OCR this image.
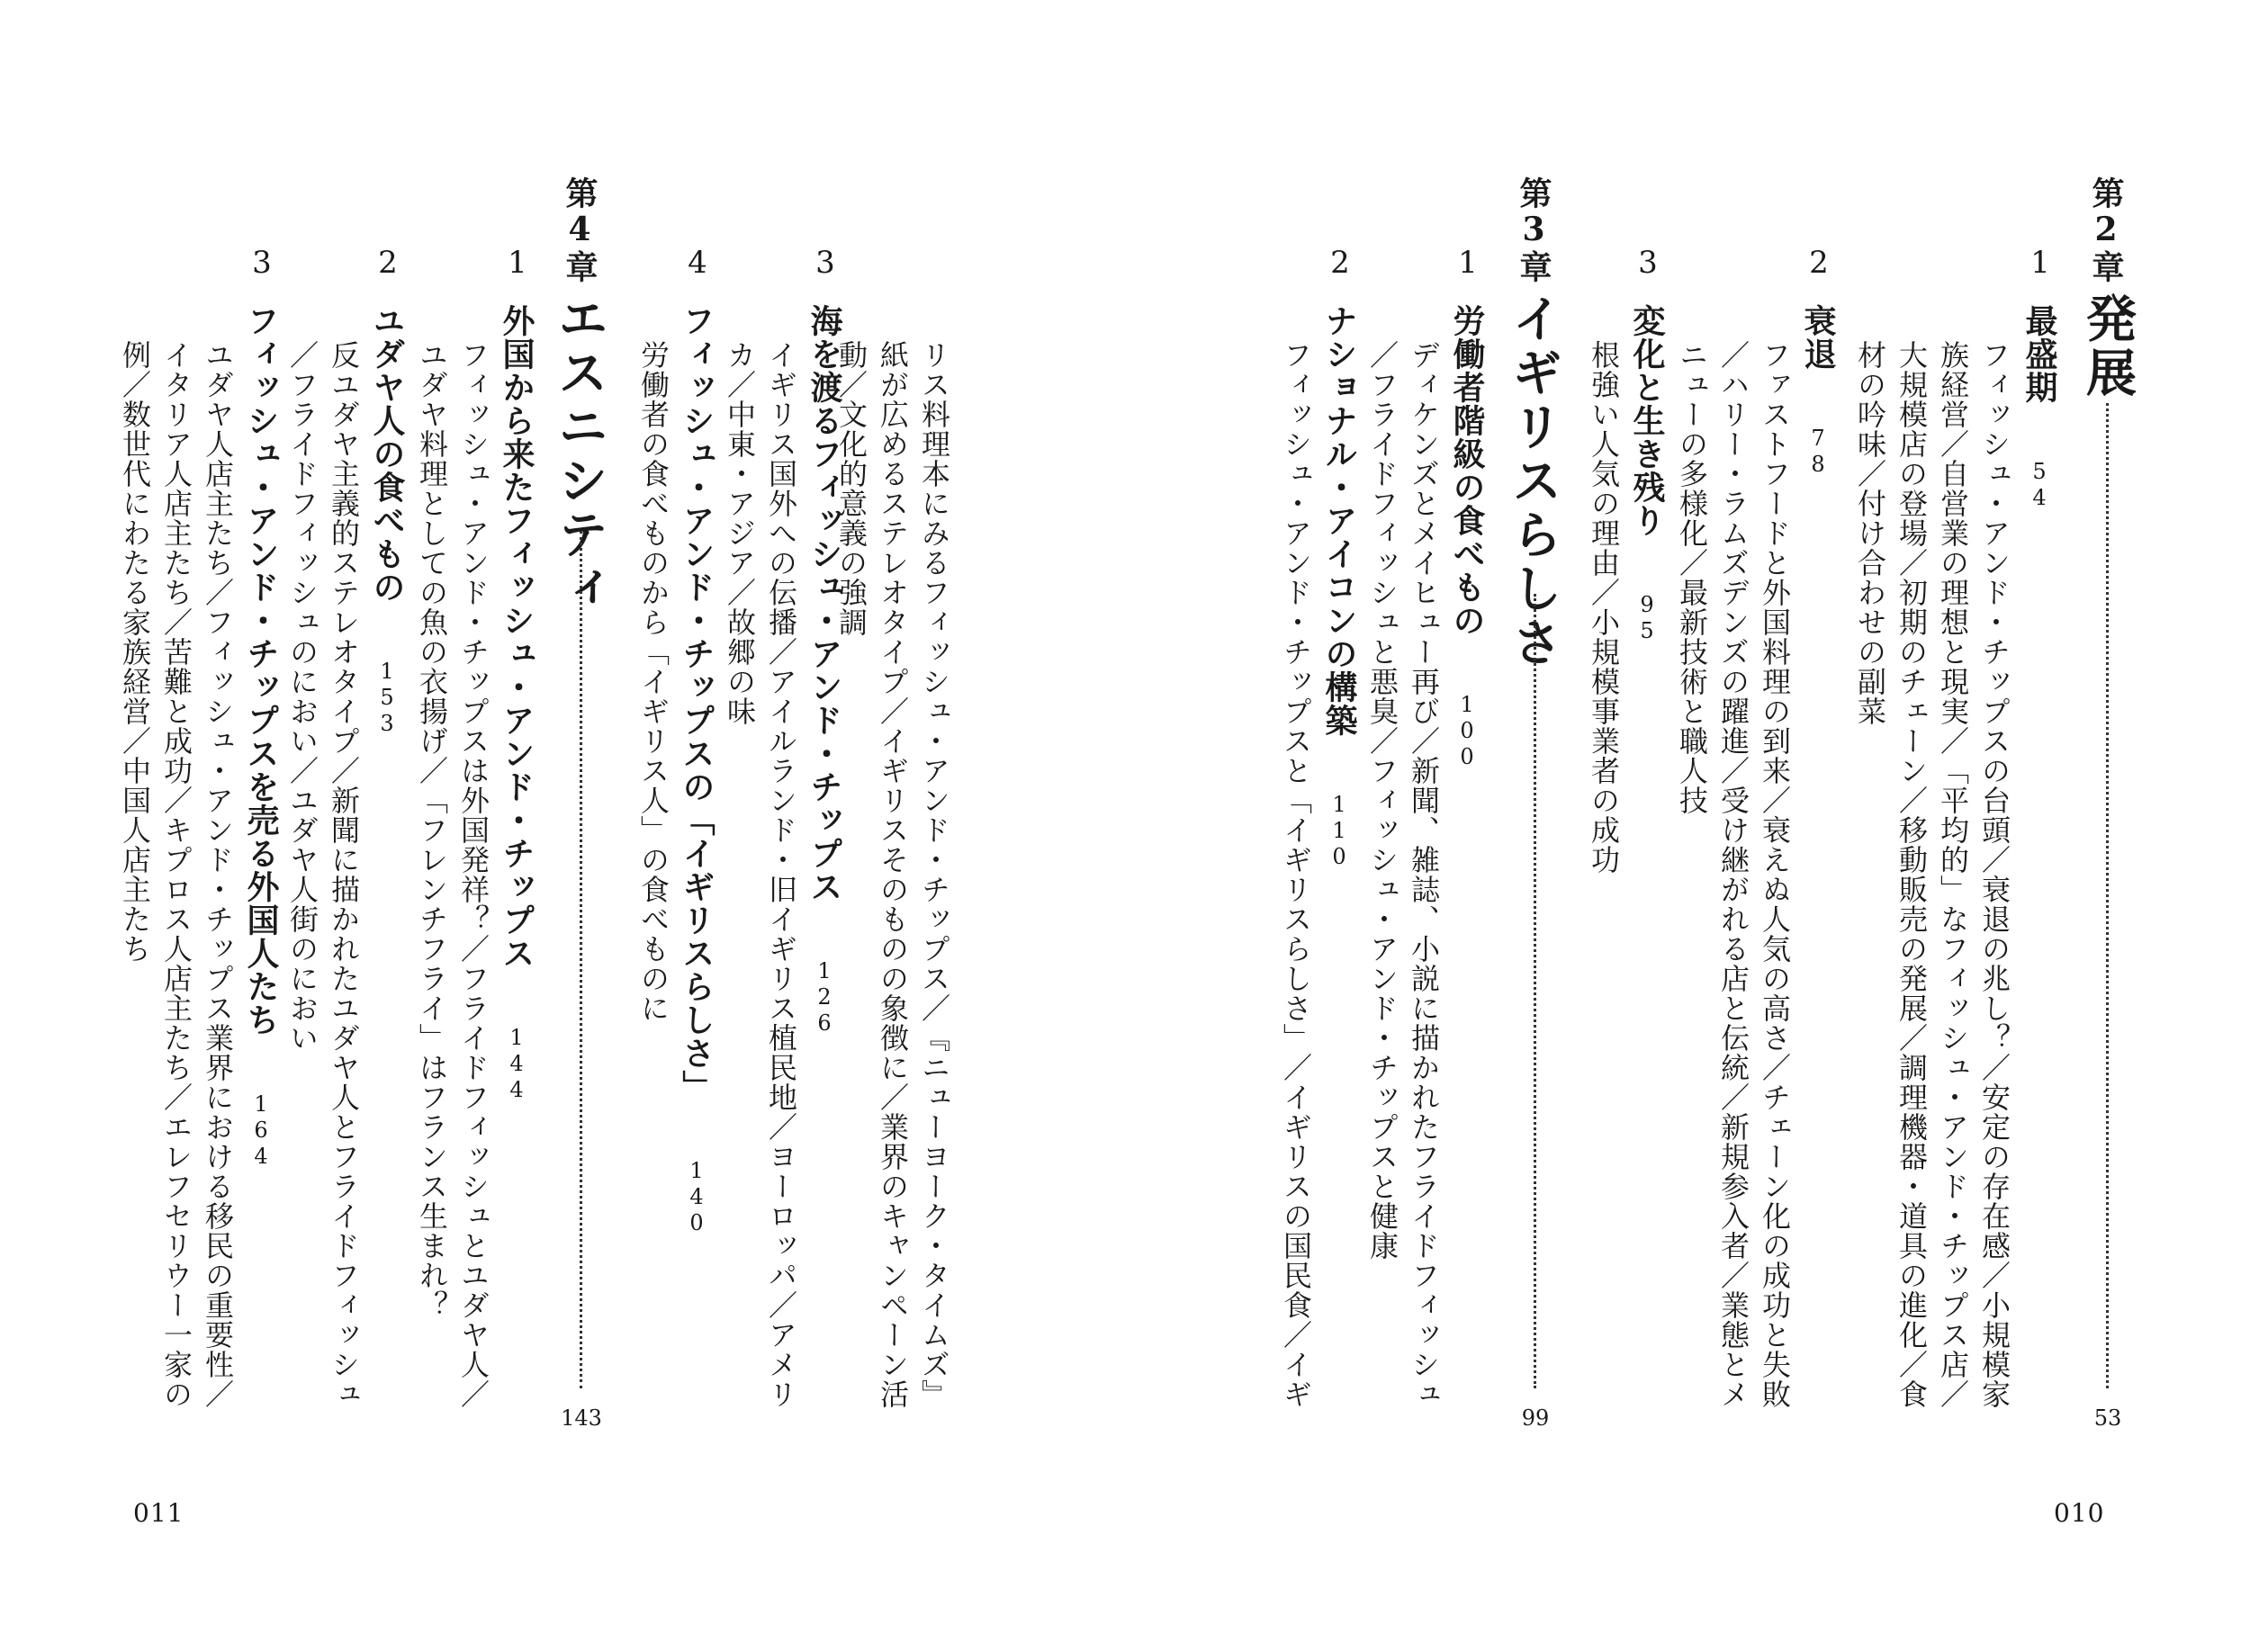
第2章
発展
53
1
最盛期 54
フィッシュ・アンド・チップスの台頭／衰退の兆し？／安定の存在感／小規模家
族経営／自営業の理想と現実／「平均的」なフィッシュ・アンド・チップス店／
大規模店の登場／初期のチェーン／移動販売の発展／調理機器・道具の進化／食
材の吟味／付け合わせの副菜
2
衰退 78
ファストフードと外国料理の到来／衰えぬ人気の高さ／チェーン化の成功と失敗
／ハリー・ラムズデンズの躍進／受け継がれる店と伝統／新規参入者／業態とメ
ニューの多様化／最新技術と職人技
3
変化と生き残り 95
根強い人気の理由／小規模事業者の成功
第3章
イギリスらしさ
99
1
労働者階級の食べもの 100
ディケンズとメイヒュー再び／新聞、雑誌、小説に描かれたフライドフィッシュ
／フライドフィッシュと悪臭／フィッシュ・アンド・チップスと健康
2
ナショナル・アイコンの構築 110
フィッシュ・アンド・チップスと「イギリスらしさ」／イギリスの国民食／イギ
リス料理本にみるフィッシュ・アンド・チップス／『ニューヨーク・タイムズ』
紙が広めるステレオタイプ／イギリスそのものの象徴に／業界のキャンペーン活
動／文化的意義の強調
3
海を渡るフィッシュ・アンド・チップス 126
イギリス国外への伝播／アイルランド・旧イギリス植民地／ヨーロッパ／アメリ
カ／中東・アジア／故郷の味
4
フィッシュ・アンド・チップスの「イギリスらしさ」 140
労働者の食べものから「イギリス人」の食べものに
第4章
エスニシティ
143
1
外国から来たフィッシュ・アンド・チップス 144
フィッシュ・アンド・チップスは外国発祥？／フライドフィッシュとユダヤ人／
ユダヤ料理としての魚の衣揚げ／「フレンチフライ」はフランス生まれ？
2
ユダヤ人の食べもの 153
反ユダヤ主義的ステレオタイプ／新聞に描かれたユダヤ人とフライドフィッシュ
／フライドフィッシュのにおい／ユダヤ人街のにおい
3
フィッシュ・アンド・チップスを売る外国人たち 164
ユダヤ人店主たち／フィッシュ・アンド・チップス業界における移民の重要性／
イタリア人店主たち／苦難と成功／キプロス人店主たち／エレフセリウー一家の
例／数世代にわたる家族経営／中国人店主たち
010
011
